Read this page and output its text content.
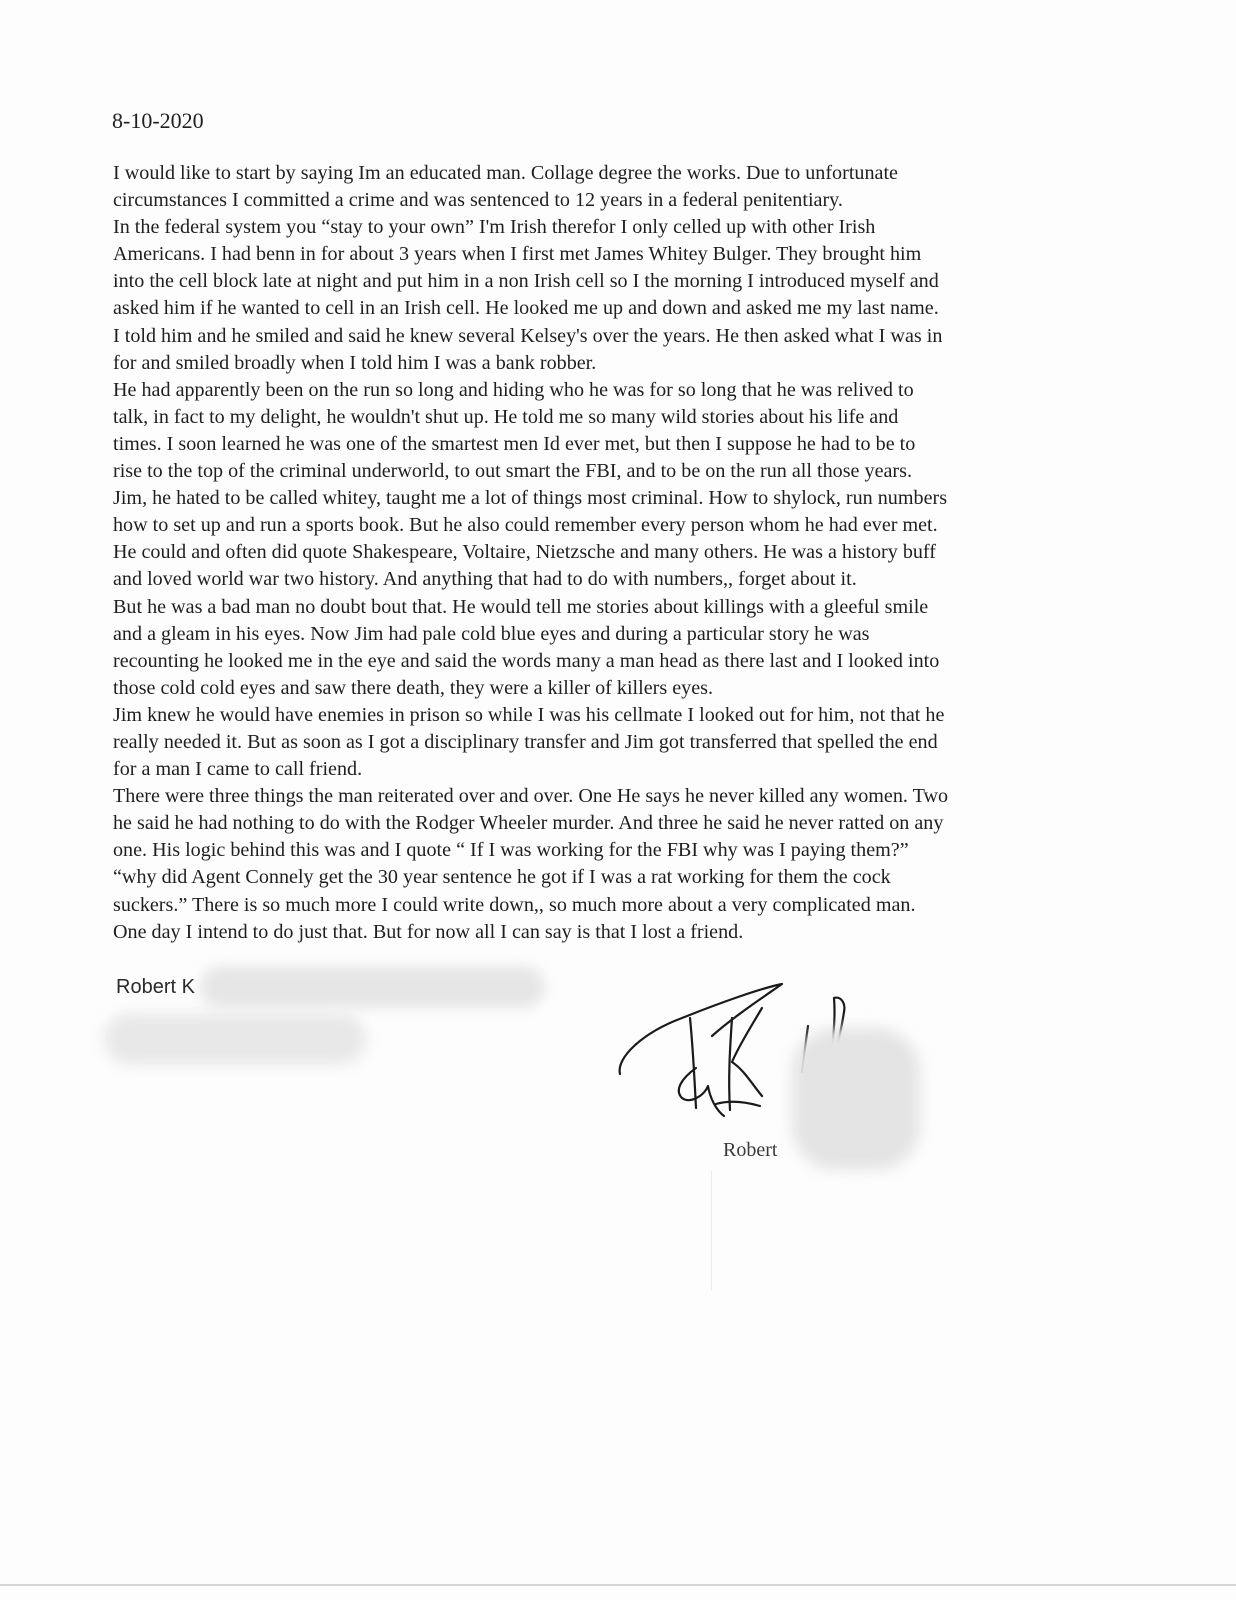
8-10-2020
I would like to start by saying Im an educated man. Collage degree the works. Due to unfortunate
circumstances I committed a crime and was sentenced to 12 years in a federal penitentiary.
In the federal system you “stay to your own” I'm Irish therefor I only celled up with other Irish
Americans. I had benn in for about 3 years when I first met James Whitey Bulger. They brought him
into the cell block late at night and put him in a non Irish cell so I the morning I introduced myself and
asked him if he wanted to cell in an Irish cell. He looked me up and down and asked me my last name.
I told him and he smiled and said he knew several Kelsey's over the years. He then asked what I was in
for and smiled broadly when I told him I was a bank robber.
He had apparently been on the run so long and hiding who he was for so long that he was relived to
talk, in fact to my delight, he wouldn't shut up. He told me so many wild stories about his life and
times. I soon learned he was one of the smartest men Id ever met, but then I suppose he had to be to
rise to the top of the criminal underworld, to out smart the FBI, and to be on the run all those years.
Jim, he hated to be called whitey, taught me a lot of things most criminal. How to shylock, run numbers
how to set up and run a sports book. But he also could remember every person whom he had ever met.
He could and often did quote Shakespeare, Voltaire, Nietzsche and many others. He was a history buff
and loved world war two history. And anything that had to do with numbers,, forget about it.
But he was a bad man no doubt bout that. He would tell me stories about killings with a gleeful smile
and a gleam in his eyes. Now Jim had pale cold blue eyes and during a particular story he was
recounting he looked me in the eye and said the words many a man head as there last and I looked into
those cold cold eyes and saw there death, they were a killer of killers eyes.
Jim knew he would have enemies in prison so while I was his cellmate I looked out for him, not that he
really needed it. But as soon as I got a disciplinary transfer and Jim got transferred that spelled the end
for a man I came to call friend.
There were three things the man reiterated over and over. One He says he never killed any women. Two
he said he had nothing to do with the Rodger Wheeler murder. And three he said he never ratted on any
one. His logic behind this was and I quote “ If I was working for the FBI why was I paying them?”
“why did Agent Connely get the 30 year sentence he got if I was a rat working for them the cock
suckers.” There is so much more I could write down,, so much more about a very complicated man.
One day I intend to do just that. But for now all I can say is that I lost a friend.
Robert K
Robert
